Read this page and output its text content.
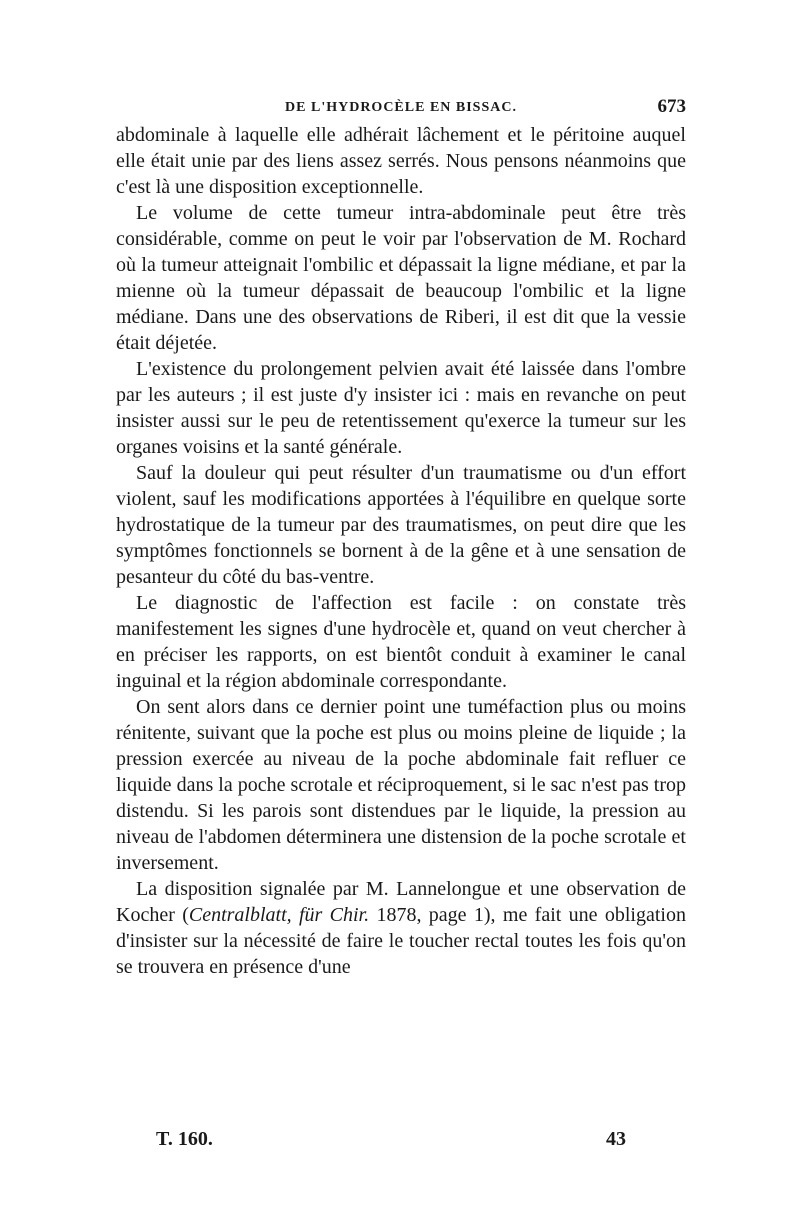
DE L'HYDROCÈLE EN BISSAC.	673

abdominale à laquelle elle adhérait lâchement et le péritoine auquel elle était unie par des liens assez serrés. Nous pensons néanmoins que c'est là une disposition exceptionnelle.

Le volume de cette tumeur intra-abdominale peut être très considérable, comme on peut le voir par l'observation de M. Rochard où la tumeur atteignait l'ombilic et dépassait la ligne médiane, et par la mienne où la tumeur dépassait de beaucoup l'ombilic et la ligne médiane. Dans une des observations de Riberi, il est dit que la vessie était déjetée.

L'existence du prolongement pelvien avait été laissée dans l'ombre par les auteurs ; il est juste d'y insister ici : mais en revanche on peut insister aussi sur le peu de retentissement qu'exerce la tumeur sur les organes voisins et la santé générale.

Sauf la douleur qui peut résulter d'un traumatisme ou d'un effort violent, sauf les modifications apportées à l'équilibre en quelque sorte hydrostatique de la tumeur par des traumatismes, on peut dire que les symptômes fonctionnels se bornent à de la gêne et à une sensation de pesanteur du côté du bas-ventre.

Le diagnostic de l'affection est facile : on constate très manifestement les signes d'une hydrocèle et, quand on veut chercher à en préciser les rapports, on est bientôt conduit à examiner le canal inguinal et la région abdominale correspondante.

On sent alors dans ce dernier point une tuméfaction plus ou moins rénitente, suivant que la poche est plus ou moins pleine de liquide ; la pression exercée au niveau de la poche abdominale fait refluer ce liquide dans la poche scrotale et réciproquement, si le sac n'est pas trop distendu. Si les parois sont distendues par le liquide, la pression au niveau de l'abdomen déterminera une distension de la poche scrotale et inversement.

La disposition signalée par M. Lannelongue et une observation de Kocher (Centralblatt, für Chir. 1878, page 1), me fait une obligation d'insister sur la nécessité de faire le toucher rectal toutes les fois qu'on se trouvera en présence d'une

T. 160.	43
